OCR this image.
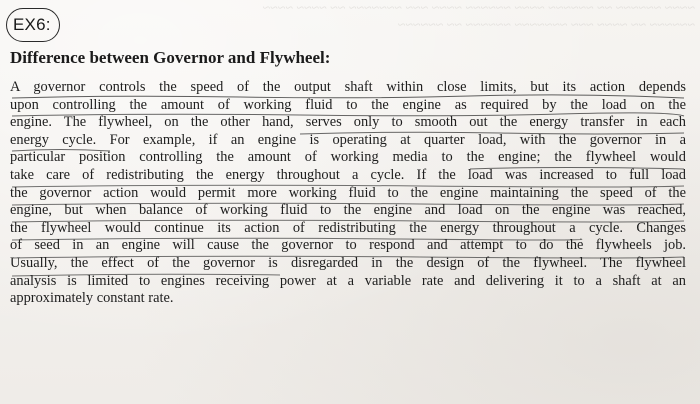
~~~~ ~~~~~~ ~~ ~~~~~~ ~~~~ ~~~~~~ ~~~~ ~~~ ~~~~~~~ ~~ ~~~~ ~~~~
~~~~~~ ~~ ~~~~ ~~~ ~~~~~~~ ~~~~~~ ~~ ~~~~~~
EX6:
Difference between Governor and Flywheel:

A governor controls the speed of the output shaft within close limits, but its action depends
upon controlling the amount of working fluid to the engine as required by the load on the
engine. The flywheel, on the other hand, serves only to smooth out the energy transfer in each
energy cycle. For example, if an engine is operating at quarter load, with the governor in a
particular position controlling the amount of working media to the engine; the flywheel would
take care of redistributing the energy throughout a cycle. If the load was increased to full load
the governor action would permit more working fluid to the engine maintaining the speed of the
engine, but when balance of working fluid to the engine and load on the engine was reached,
the flywheel would continue its action of redistributing the energy throughout a cycle. Changes
of seed in an engine will cause the governor to respond and attempt to do the flywheels job.
Usually, the effect of the governor is disregarded in the design of the flywheel. The flywheel
analysis is limited to engines receiving power at a variable rate and delivering it to a shaft at an
approximately constant rate.
